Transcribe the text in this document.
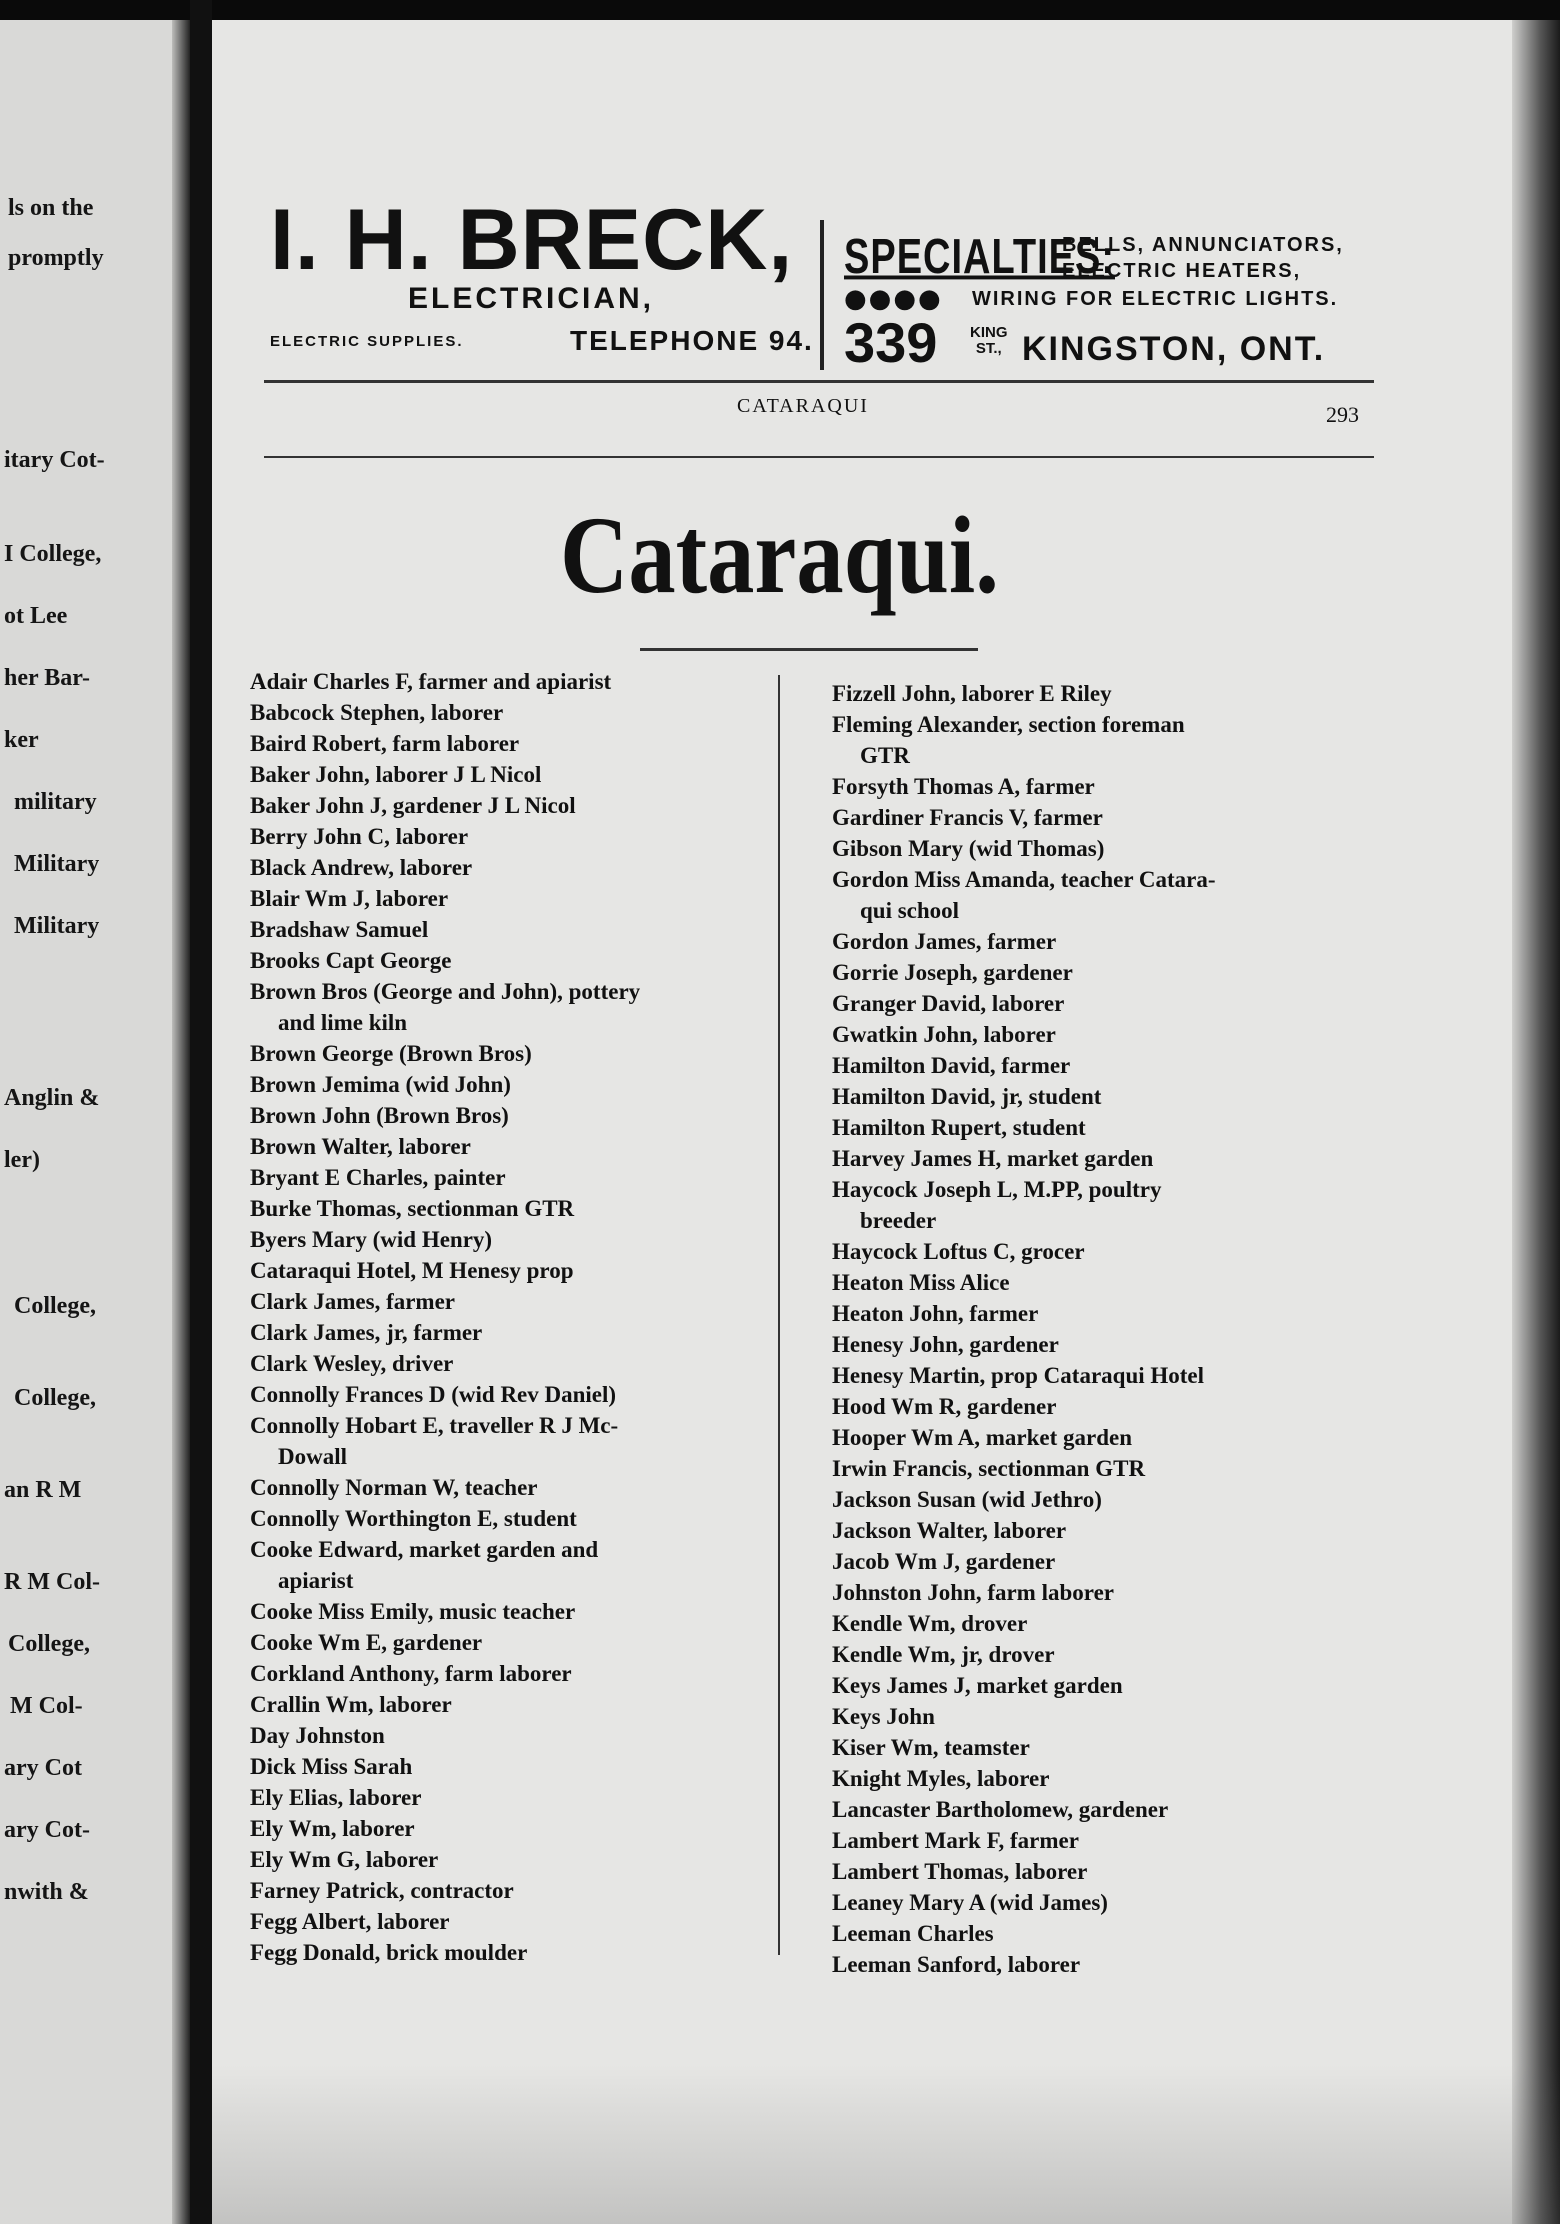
ls on the
promptly
itary Cot-
I College,
ot Lee
her Bar-
ker
military
Military
Military
Anglin &
ler)
College,
College,
an R M
R M Col-
College,
M Col-
ary Cot
ary Cot-
nwith &
I. H. BRECK,
ELECTRICIAN,
ELECTRIC SUPPLIES.	TELEPHONE 94.
SPECIALTIES:
BELLS, ANNUNCIATORS,
ELECTRIC HEATERS,
●●●● WIRING FOR ELECTRIC LIGHTS.
339 KING
ST., KINGSTON, ONT.
CATARAQUI	293
Cataraqui.
Adair Charles F, farmer and apiarist
Babcock Stephen, laborer
Baird Robert, farm laborer
Baker John, laborer J L Nicol
Baker John J, gardener J L Nicol
Berry John C, laborer
Black Andrew, laborer
Blair Wm J, laborer
Bradshaw Samuel
Brooks Capt George
Brown Bros (George and John), pottery
and lime kiln
Brown George (Brown Bros)
Brown Jemima (wid John)
Brown John (Brown Bros)
Brown Walter, laborer
Bryant E Charles, painter
Burke Thomas, sectionman GTR
Byers Mary (wid Henry)
Cataraqui Hotel, M Henesy prop
Clark James, farmer
Clark James, jr, farmer
Clark Wesley, driver
Connolly Frances D (wid Rev Daniel)
Connolly Hobart E, traveller R J Mc-
Dowall
Connolly Norman W, teacher
Connolly Worthington E, student
Cooke Edward, market garden and
apiarist
Cooke Miss Emily, music teacher
Cooke Wm E, gardener
Corkland Anthony, farm laborer
Crallin Wm, laborer
Day Johnston
Dick Miss Sarah
Ely Elias, laborer
Ely Wm, laborer
Ely Wm G, laborer
Farney Patrick, contractor
Fegg Albert, laborer
Fegg Donald, brick moulder
Fizzell John, laborer E Riley
Fleming Alexander, section foreman
GTR
Forsyth Thomas A, farmer
Gardiner Francis V, farmer
Gibson Mary (wid Thomas)
Gordon Miss Amanda, teacher Catara-
qui school
Gordon James, farmer
Gorrie Joseph, gardener
Granger David, laborer
Gwatkin John, laborer
Hamilton David, farmer
Hamilton David, jr, student
Hamilton Rupert, student
Harvey James H, market garden
Haycock Joseph L, M.PP, poultry
breeder
Haycock Loftus C, grocer
Heaton Miss Alice
Heaton John, farmer
Henesy John, gardener
Henesy Martin, prop Cataraqui Hotel
Hood Wm R, gardener
Hooper Wm A, market garden
Irwin Francis, sectionman GTR
Jackson Susan (wid Jethro)
Jackson Walter, laborer
Jacob Wm J, gardener
Johnston John, farm laborer
Kendle Wm, drover
Kendle Wm, jr, drover
Keys James J, market garden
Keys John
Kiser Wm, teamster
Knight Myles, laborer
Lancaster Bartholomew, gardener
Lambert Mark F, farmer
Lambert Thomas, laborer
Leaney Mary A (wid James)
Leeman Charles
Leeman Sanford, laborer
